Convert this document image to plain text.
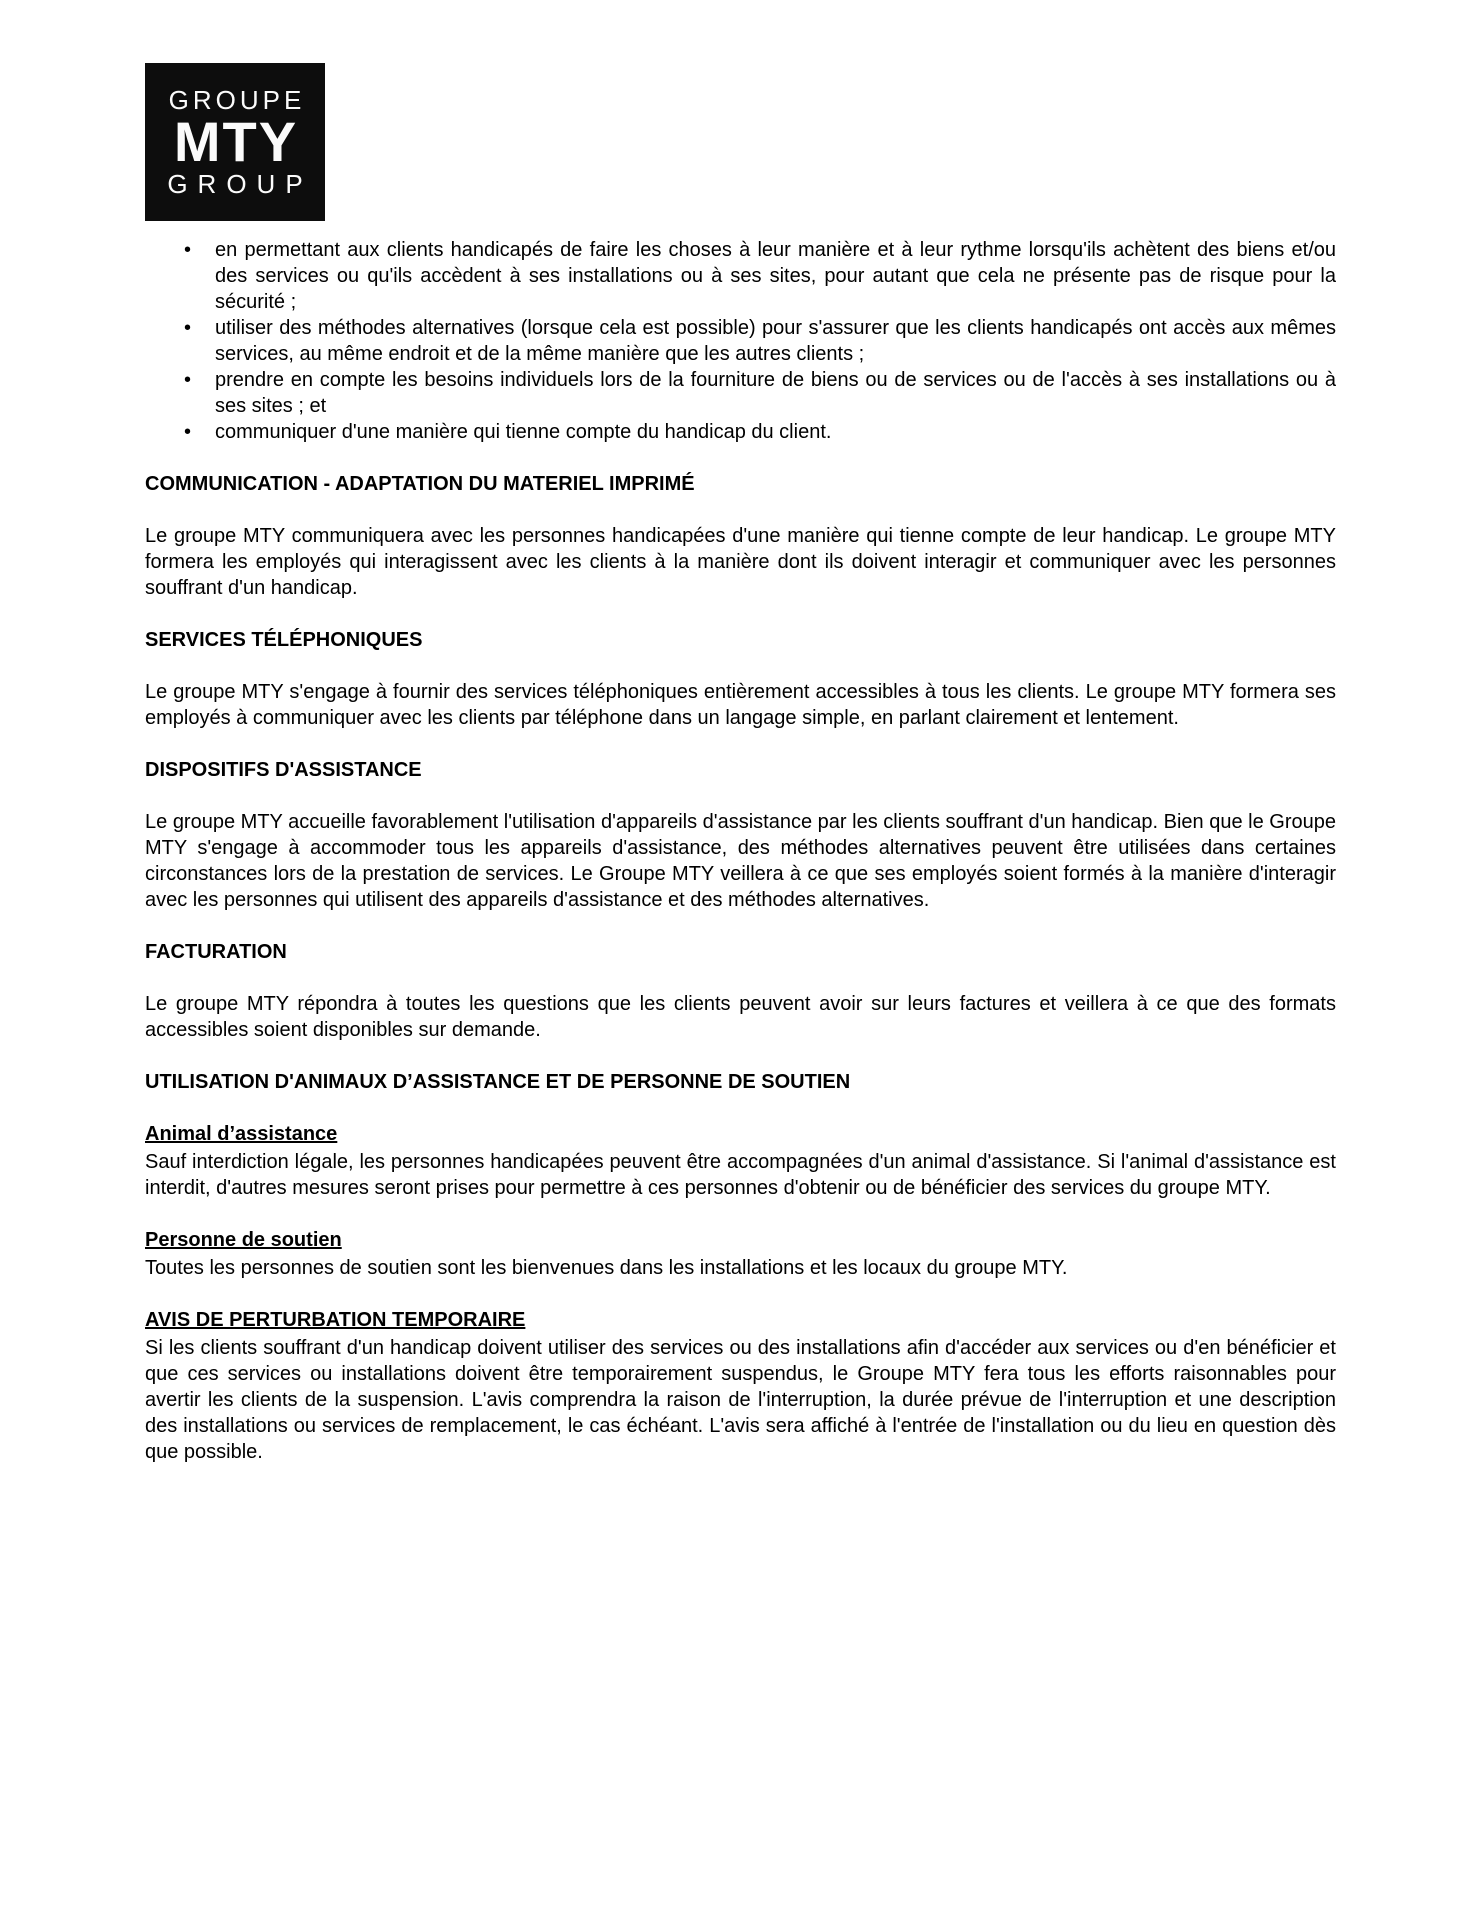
GROUPE
MTY
GROUP
• en permettant aux clients handicapés de faire les choses à leur manière et à leur rythme lorsqu'ils achètent des biens et/ou des services ou qu'ils accèdent à ses installations ou à ses sites, pour autant que cela ne présente pas de risque pour la sécurité ;
• utiliser des méthodes alternatives (lorsque cela est possible) pour s'assurer que les clients handicapés ont accès aux mêmes services, au même endroit et de la même manière que les autres clients ;
• prendre en compte les besoins individuels lors de la fourniture de biens ou de services ou de l'accès à ses installations ou à ses sites ; et
• communiquer d'une manière qui tienne compte du handicap du client.
COMMUNICATION - ADAPTATION DU MATERIEL IMPRIMÉ

Le groupe MTY communiquera avec les personnes handicapées d'une manière qui tienne compte de leur handicap. Le groupe MTY formera les employés qui interagissent avec les clients à la manière dont ils doivent interagir et communiquer avec les personnes souffrant d'un handicap.

SERVICES TÉLÉPHONIQUES

Le groupe MTY s'engage à fournir des services téléphoniques entièrement accessibles à tous les clients. Le groupe MTY formera ses employés à communiquer avec les clients par téléphone dans un langage simple, en parlant clairement et lentement.

DISPOSITIFS D'ASSISTANCE

Le groupe MTY accueille favorablement l'utilisation d'appareils d'assistance par les clients souffrant d'un handicap. Bien que le Groupe MTY s'engage à accommoder tous les appareils d'assistance, des méthodes alternatives peuvent être utilisées dans certaines circonstances lors de la prestation de services. Le Groupe MTY veillera à ce que ses employés soient formés à la manière d'interagir avec les personnes qui utilisent des appareils d'assistance et des méthodes alternatives.

FACTURATION

Le groupe MTY répondra à toutes les questions que les clients peuvent avoir sur leurs factures et veillera à ce que des formats accessibles soient disponibles sur demande.

UTILISATION D'ANIMAUX D’ASSISTANCE ET DE PERSONNE DE SOUTIEN
Animal d’assistance

Sauf interdiction légale, les personnes handicapées peuvent être accompagnées d'un animal d'assistance. Si l'animal d'assistance est interdit, d'autres mesures seront prises pour permettre à ces personnes d'obtenir ou de bénéficier des services du groupe MTY.

Personne de soutien

Toutes les personnes de soutien sont les bienvenues dans les installations et les locaux du groupe MTY.

AVIS DE PERTURBATION TEMPORAIRE

Si les clients souffrant d'un handicap doivent utiliser des services ou des installations afin d'accéder aux services ou d'en bénéficier et que ces services ou installations doivent être temporairement suspendus, le Groupe MTY fera tous les efforts raisonnables pour avertir les clients de la suspension. L'avis comprendra la raison de l'interruption, la durée prévue de l'interruption et une description des installations ou services de remplacement, le cas échéant. L'avis sera affiché à l'entrée de l'installation ou du lieu en question dès que possible.
